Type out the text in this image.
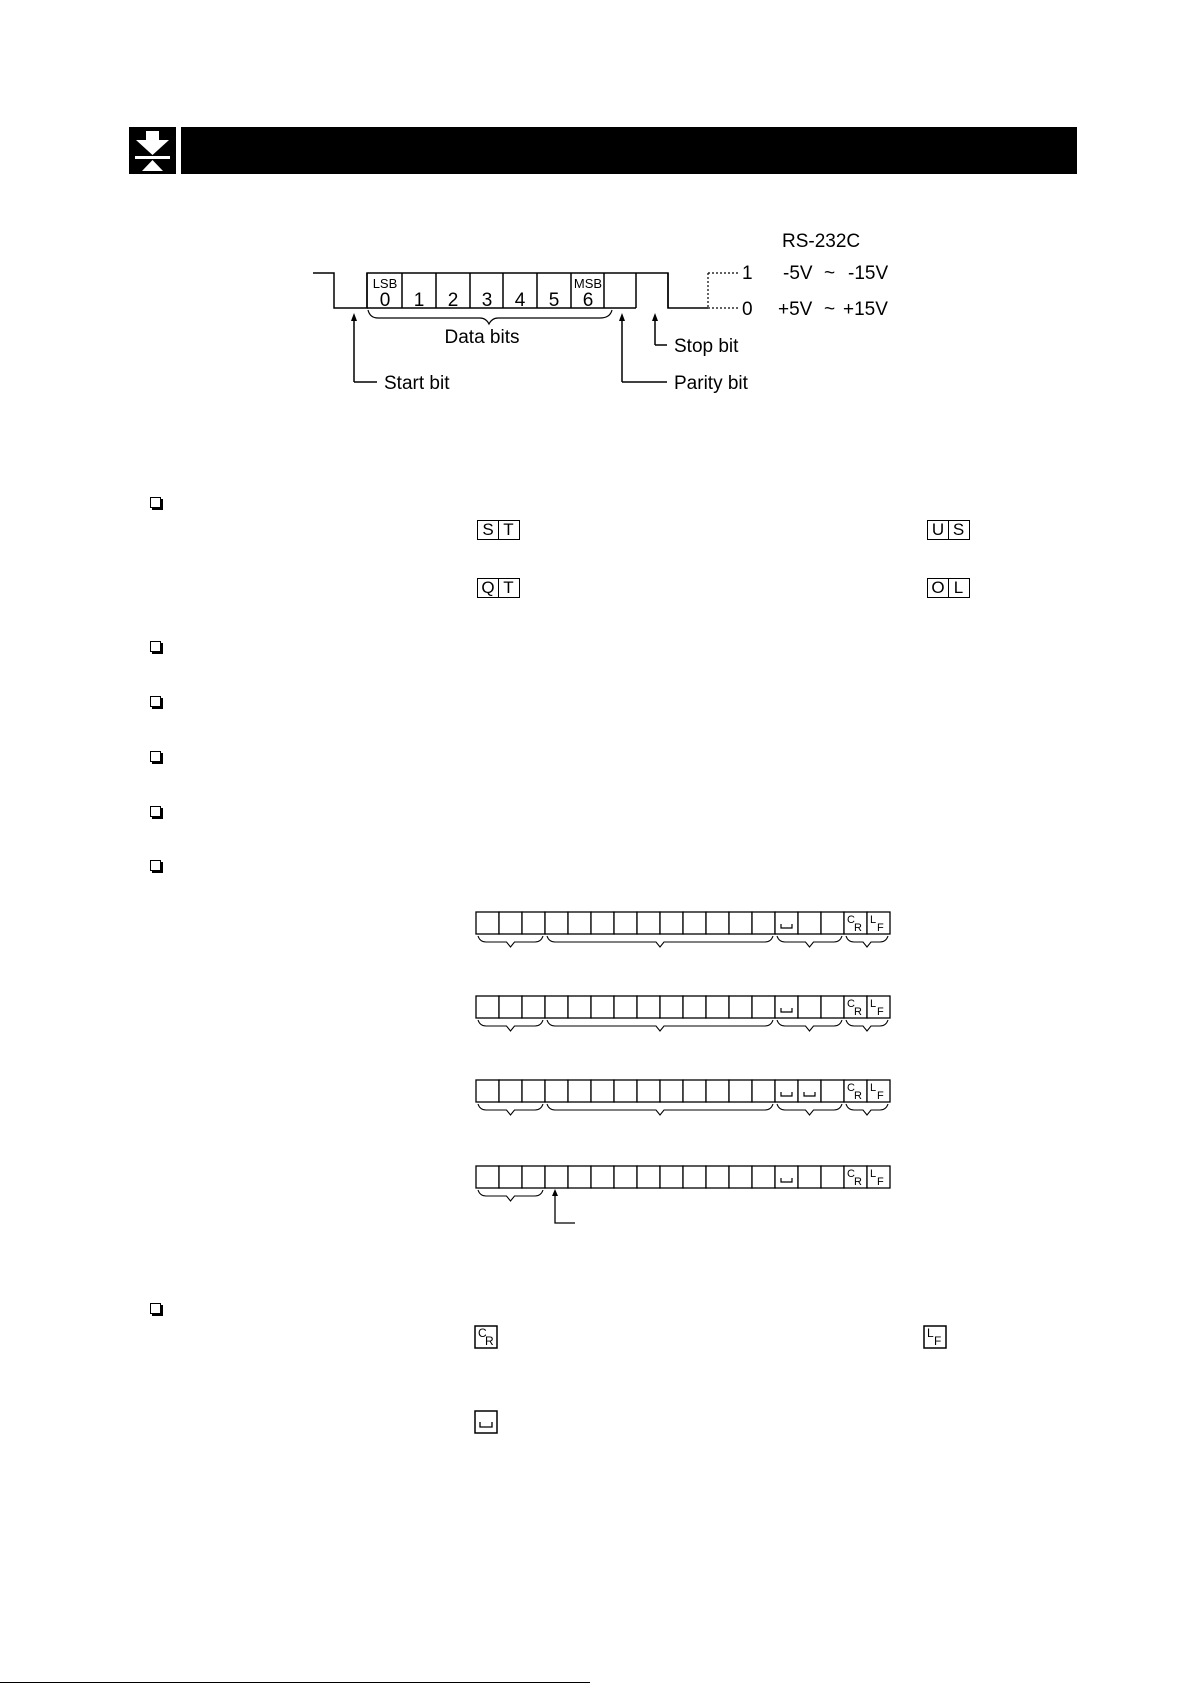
LSB	MSB
0 1 2 3 4 5 6
Data bits
Start bit	Parity bit
Stop bit
RS-232C
1 -5V ~ -15V
0 +5V ~ +15V
S T	U S
Q T	O L
C
R
L
F
C
R
L
F
C
R
L
F
C
R
L
F
C
R
L
F
